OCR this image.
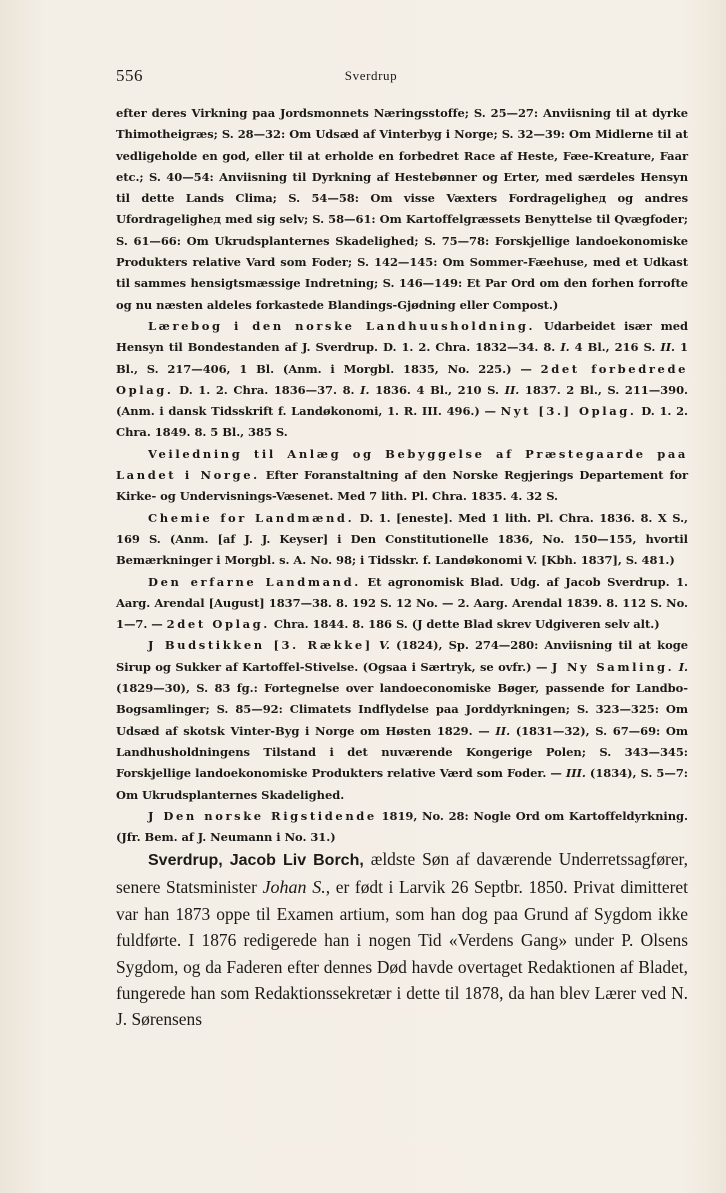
556	Sverdrup

efter deres Virkning paa Jordsmonnets Næringsstoffe; S. 25—27: Anviisning til at dyrke Thimotheigræs; S. 28—32: Om Udsæd af Vinterbyg i Norge; S. 32—39: Om Midlerne til at vedligeholde en god, eller til at erholde en forbedret Race af Heste, Fæe-Kreature, Faar etc.; S. 40—54: Anviisning til Dyrkning af Hestebønner og Erter, med særdeles Hensyn til dette Lands Clima; S. 54—58: Om visse Væxters Fordrageligheд og andres Ufordrageligheд med sig selv; S. 58—61: Om Kartoffelgræssets Benyttelse til Qvægfoder; S. 61—66: Om Ukrudsplanternes Skadelighed; S. 75—78: Forskjellige landoekonomiske Produkters relative Vard som Foder; S. 142—145: Om Sommer-Fæehuse, med et Udkast til sammes hensigtsmæssige Indretning; S. 146—149: Et Par Ord om den forhen forrofte og nu næsten aldeles forkastede Blandings-Gjødning eller Compost.)

Lærebog i den norske Landhuusholdning. Udarbeidet især med Hensyn til Bondestanden af J. Sverdrup. D. 1. 2. Chra. 1832—34. 8. I. 4 Bl., 216 S. II. 1 Bl., S. 217—406, 1 Bl. (Anm. i Morgbl. 1835, No. 225.) — 2det forbedrede Oplag. D. 1. 2. Chra. 1836—37. 8. I. 1836. 4 Bl., 210 S. II. 1837. 2 Bl., S. 211—390. (Anm. i dansk Tidsskrift f. Landøkonomi, 1. R. III. 496.) — Nyt [3.] Oplag. D. 1. 2. Chra. 1849. 8. 5 Bl., 385 S.

Veiledning til Anlæg og Bebyggelse af Præstegaarde paa Landet i Norge. Efter Foranstaltning af den Norske Regjerings Departement for Kirke- og Undervisnings-Væsenet. Med 7 lith. Pl. Chra. 1835. 4. 32 S.

Chemie for Landmænd. D. 1. [eneste]. Med 1 lith. Pl. Chra. 1836. 8. X S., 169 S. (Anm. [af J. J. Keyser] i Den Constitutionelle 1836, No. 150—155, hvortil Bemærkninger i Morgbl. s. A. No. 98; i Tidsskr. f. Landøkonomi V. [Kbh. 1837], S. 481.)

Den erfarne Landmand. Et agronomisk Blad. Udg. af Jacob Sverdrup. 1. Aarg. Arendal [August] 1837—38. 8. 192 S. 12 No. — 2. Aarg. Arendal 1839. 8. 112 S. No. 1—7. — 2det Oplag. Chra. 1844. 8. 186 S. (J dette Blad skrev Udgiveren selv alt.)

J Budstikken [3. Række] V. (1824), Sp. 274—280: Anviisning til at koge Sirup og Sukker af Kartoffel-Stivelse. (Ogsaa i Særtryk, se ovfr.) — J Ny Samling. I. (1829—30), S. 83 fg.: Fortegnelse over landoeconomiske Bøger, passende for Landbo-Bogsamlinger; S. 85—92: Climatets Indflydelse paa Jorddyrkningen; S. 323—325: Om Udsæd af skotsk Vinter-Byg i Norge om Høsten 1829. — II. (1831—32), S. 67—69: Om Landhusholdningens Tilstand i det nuværende Kongerige Polen; S. 343—345: Forskjellige landoekonomiske Produkters relative Værd som Foder. — III. (1834), S. 5—7: Om Ukrudsplanternes Skadelighed.

J Den norske Rigstidende 1819, No. 28: Nogle Ord om Kartoffeldyrkning. (Jfr. Bem. af J. Neumann i No. 31.)

Sverdrup, Jacob Liv Borch, ældste Søn af daværende Underretssagfører, senere Statsminister Johan S., er født i Larvik 26 Septbr. 1850. Privat dimitteret var han 1873 oppe til Examen artium, som han dog paa Grund af Sygdom ikke fuldførte. I 1876 redigerede han i nogen Tid «Verdens Gang» under P. Olsens Sygdom, og da Faderen efter dennes Død havde overtaget Redaktionen af Bladet, fungerede han som Redaktionssekretær i dette til 1878, da han blev Lærer ved N. J. Sørensens
